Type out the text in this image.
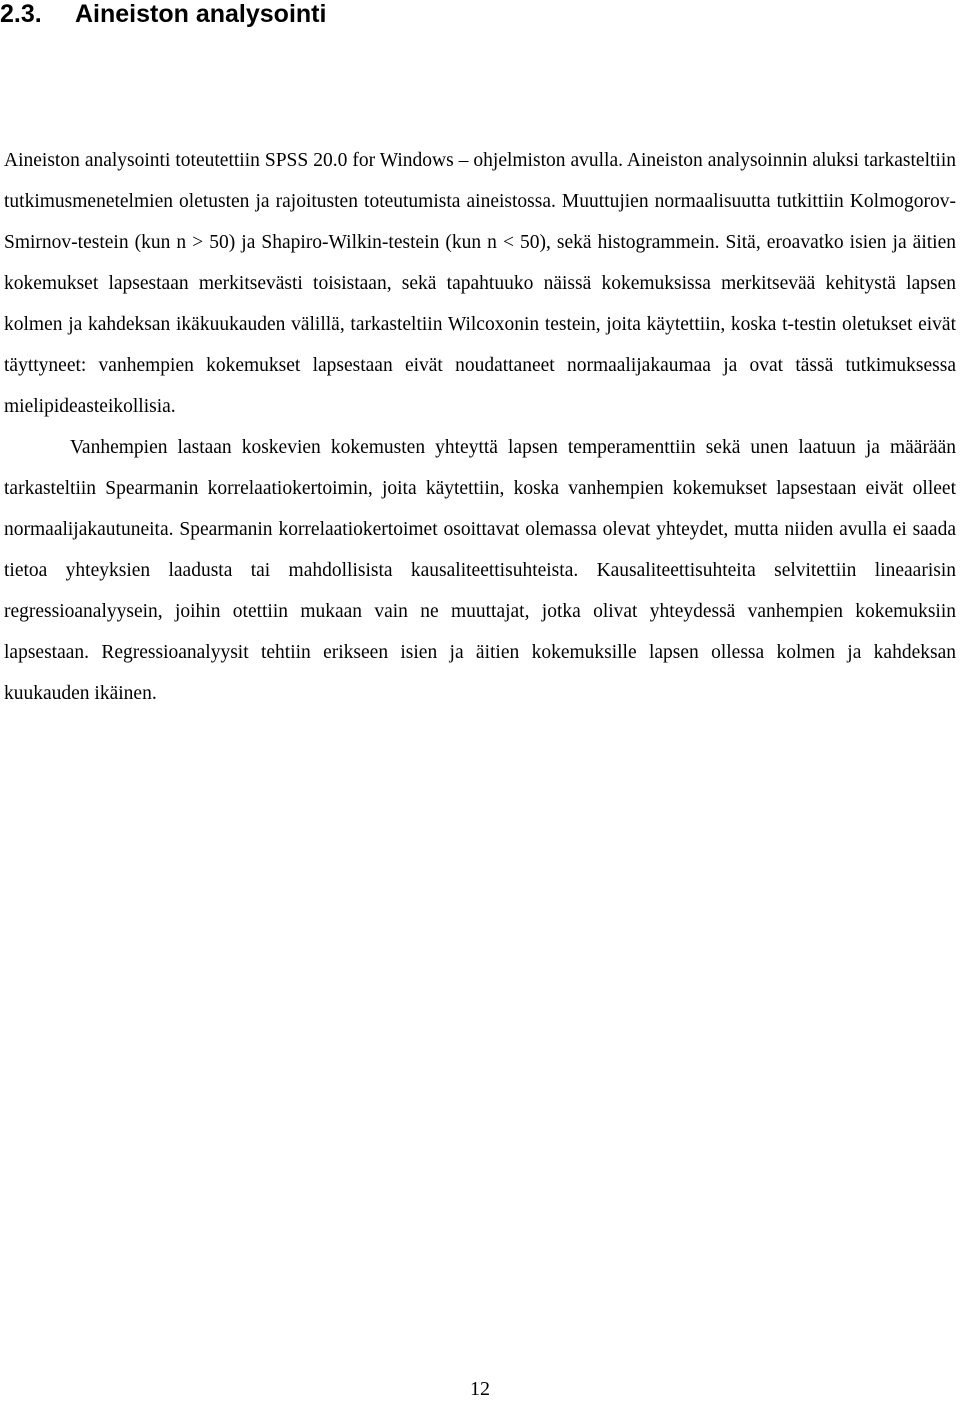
2.3. Aineiston analysointi

Aineiston analysointi toteutettiin SPSS 20.0 for Windows – ohjelmiston avulla. Aineiston analysoinnin aluksi tarkasteltiin tutkimusmenetelmien oletusten ja rajoitusten toteutumista aineistossa. Muuttujien normaalisuutta tutkittiin Kolmogorov-Smirnov-testein (kun n > 50) ja Shapiro-Wilkin-testein (kun n < 50), sekä histogrammein. Sitä, eroavatko isien ja äitien kokemukset lapsestaan merkitsevästi toisistaan, sekä tapahtuuko näissä kokemuksissa merkitsevää kehitystä lapsen kolmen ja kahdeksan ikäkuukauden välillä, tarkasteltiin Wilcoxonin testein, joita käytettiin, koska t-testin oletukset eivät täyttyneet: vanhempien kokemukset lapsestaan eivät noudattaneet normaalijakaumaa ja ovat tässä tutkimuksessa mielipideasteikollisia.

Vanhempien lastaan koskevien kokemusten yhteyttä lapsen temperamenttiin sekä unen laatuun ja määrään tarkasteltiin Spearmanin korrelaatiokertoimin, joita käytettiin, koska vanhempien kokemukset lapsestaan eivät olleet normaalijakautuneita. Spearmanin korrelaatiokertoimet osoittavat olemassa olevat yhteydet, mutta niiden avulla ei saada tietoa yhteyksien laadusta tai mahdollisista kausaliteettisuhteista. Kausaliteettisuhteita selvitettiin lineaarisin regressioanalyysein, joihin otettiin mukaan vain ne muuttajat, jotka olivat yhteydessä vanhempien kokemuksiin lapsestaan. Regressioanalyysit tehtiin erikseen isien ja äitien kokemuksille lapsen ollessa kolmen ja kahdeksan kuukauden ikäinen.

12
